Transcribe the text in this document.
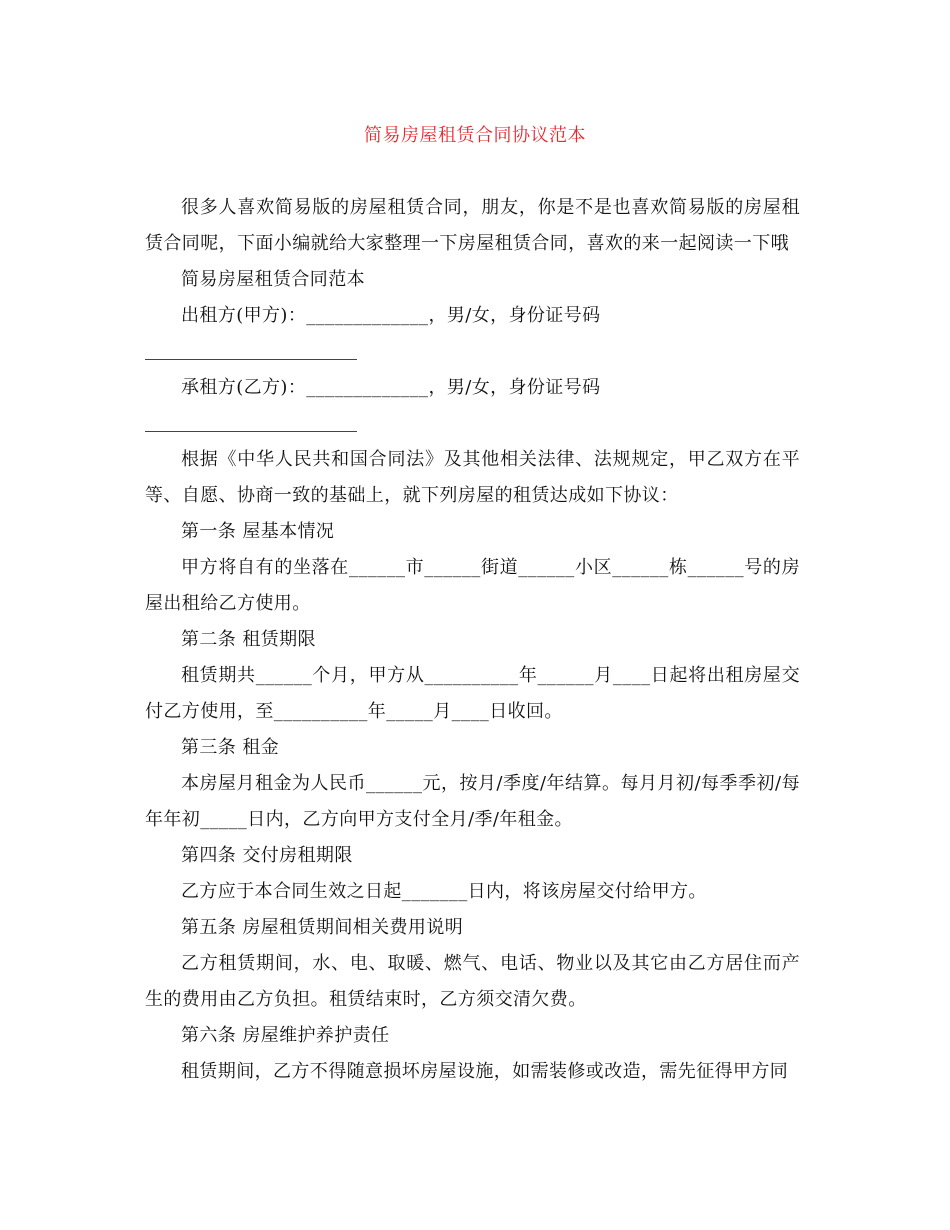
简易房屋租赁合同协议范本

很多人喜欢简易版的房屋租赁合同，朋友，你是不是也喜欢简易版的房屋租赁合同呢，下面小编就给大家整理一下房屋租赁合同，喜欢的来一起阅读一下哦

简易房屋租赁合同范本

出租方(甲方)：_____________，男/女，身份证号码

承租方(乙方)：_____________，男/女，身份证号码

根据《中华人民共和国合同法》及其他相关法律、法规规定，甲乙双方在平等、自愿、协商一致的基础上，就下列房屋的租赁达成如下协议：

第一条 屋基本情况

甲方将自有的坐落在______市______街道______小区______栋______号的房屋出租给乙方使用。

第二条 租赁期限

租赁期共______个月，甲方从__________年______月____日起将出租房屋交付乙方使用，至__________年_____月____日收回。

第三条 租金

本房屋月租金为人民币______元，按月/季度/年结算。每月月初/每季季初/每年年初_____日内，乙方向甲方支付全月/季/年租金。

第四条 交付房租期限

乙方应于本合同生效之日起_______日内，将该房屋交付给甲方。

第五条 房屋租赁期间相关费用说明

乙方租赁期间，水、电、取暖、燃气、电话、物业以及其它由乙方居住而产生的费用由乙方负担。租赁结束时，乙方须交清欠费。

第六条 房屋维护养护责任

租赁期间，乙方不得随意损坏房屋设施，如需装修或改造，需先征得甲方同
